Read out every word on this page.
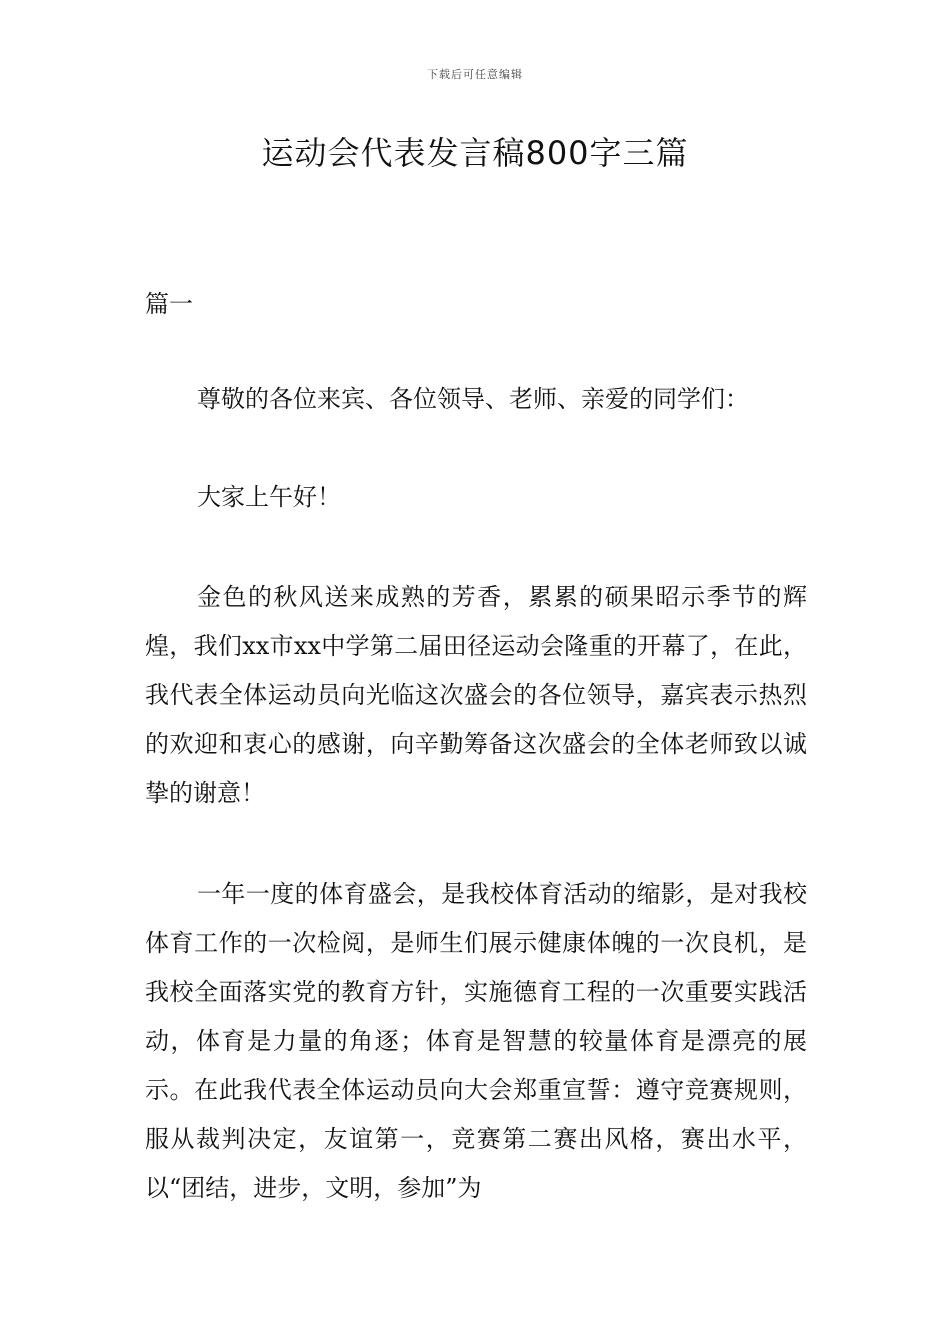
下载后可任意编辑
运动会代表发言稿800字三篇
篇一

尊敬的各位来宾、各位领导、老师、亲爱的同学们：

大家上午好！

金色的秋风送来成熟的芳香，累累的硕果昭示季节的辉煌，我们xx市xx中学第二届田径运动会隆重的开幕了，在此，我代表全体运动员向光临这次盛会的各位领导，嘉宾表示热烈的欢迎和衷心的感谢，向辛勤筹备这次盛会的全体老师致以诚挚的谢意！

一年一度的体育盛会，是我校体育活动的缩影，是对我校体育工作的一次检阅，是师生们展示健康体魄的一次良机，是我校全面落实党的教育方针，实施德育工程的一次重要实践活动，体育是力量的角逐；体育是智慧的较量体育是漂亮的展示。在此我代表全体运动员向大会郑重宣誓：遵守竞赛规则，服从裁判决定，友谊第一，竞赛第二赛出风格，赛出水平，以“团结，进步，文明，参加”为
